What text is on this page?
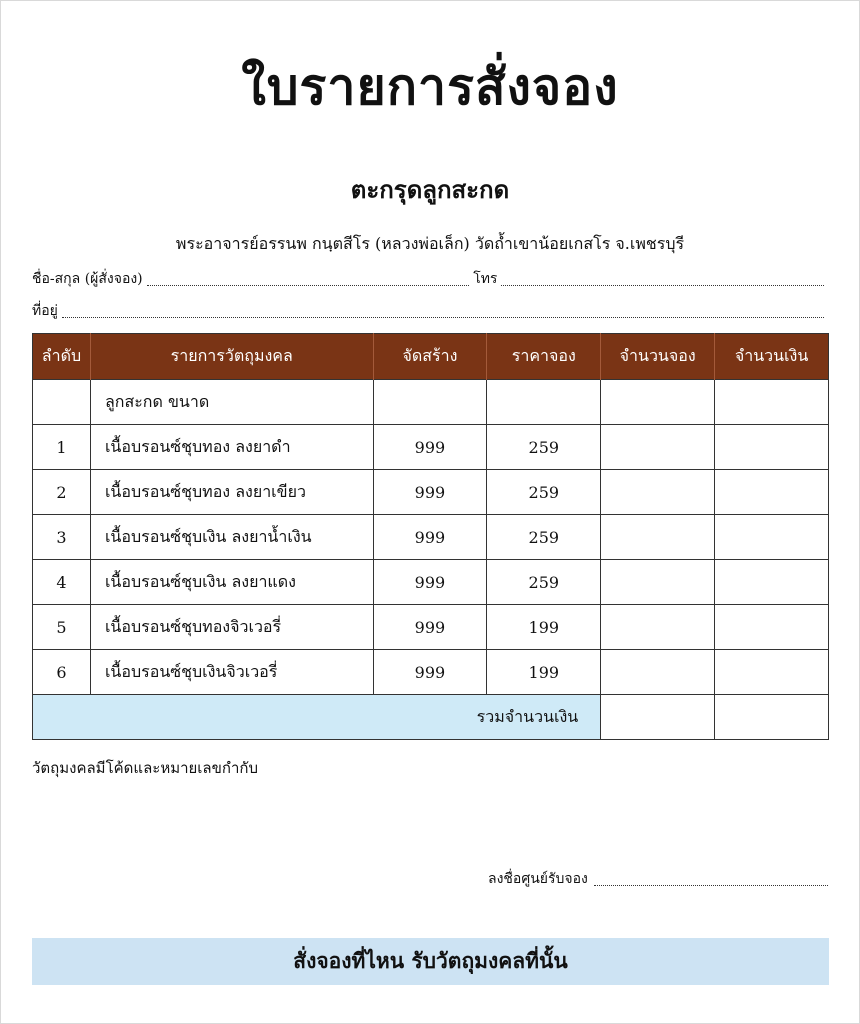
ใบรายการสั่งจอง
ตะกรุดลูกสะกด
พระอาจารย์อรรนพ กนฺตสีโร (หลวงพ่อเล็ก) วัดถ้ำเขาน้อยเกสโร จ.เพชรบุรี
ชื่อ-สกุล (ผู้สั่งจอง)	โทร
ที่อยู่
ลำดับ	รายการวัตถุมงคล	จัดสร้าง	ราคาจอง	จำนวนจอง	จำนวนเงิน
	ลูกสะกด ขนาด				
1	เนื้อบรอนซ์ชุบทอง ลงยาดำ	999	259		
2	เนื้อบรอนซ์ชุบทอง ลงยาเขียว	999	259		
3	เนื้อบรอนซ์ชุบเงิน ลงยาน้ำเงิน	999	259		
4	เนื้อบรอนซ์ชุบเงิน ลงยาแดง	999	259		
5	เนื้อบรอนซ์ชุบทองจิวเวอรี่	999	199		
6	เนื้อบรอนซ์ชุบเงินจิวเวอรี่	999	199		
รวมจำนวนเงิน					
วัตถุมงคลมีโค้ดและหมายเลขกำกับ
ลงชื่อศูนย์รับจอง
สั่งจองที่ไหน รับวัตถุมงคลที่นั้น
